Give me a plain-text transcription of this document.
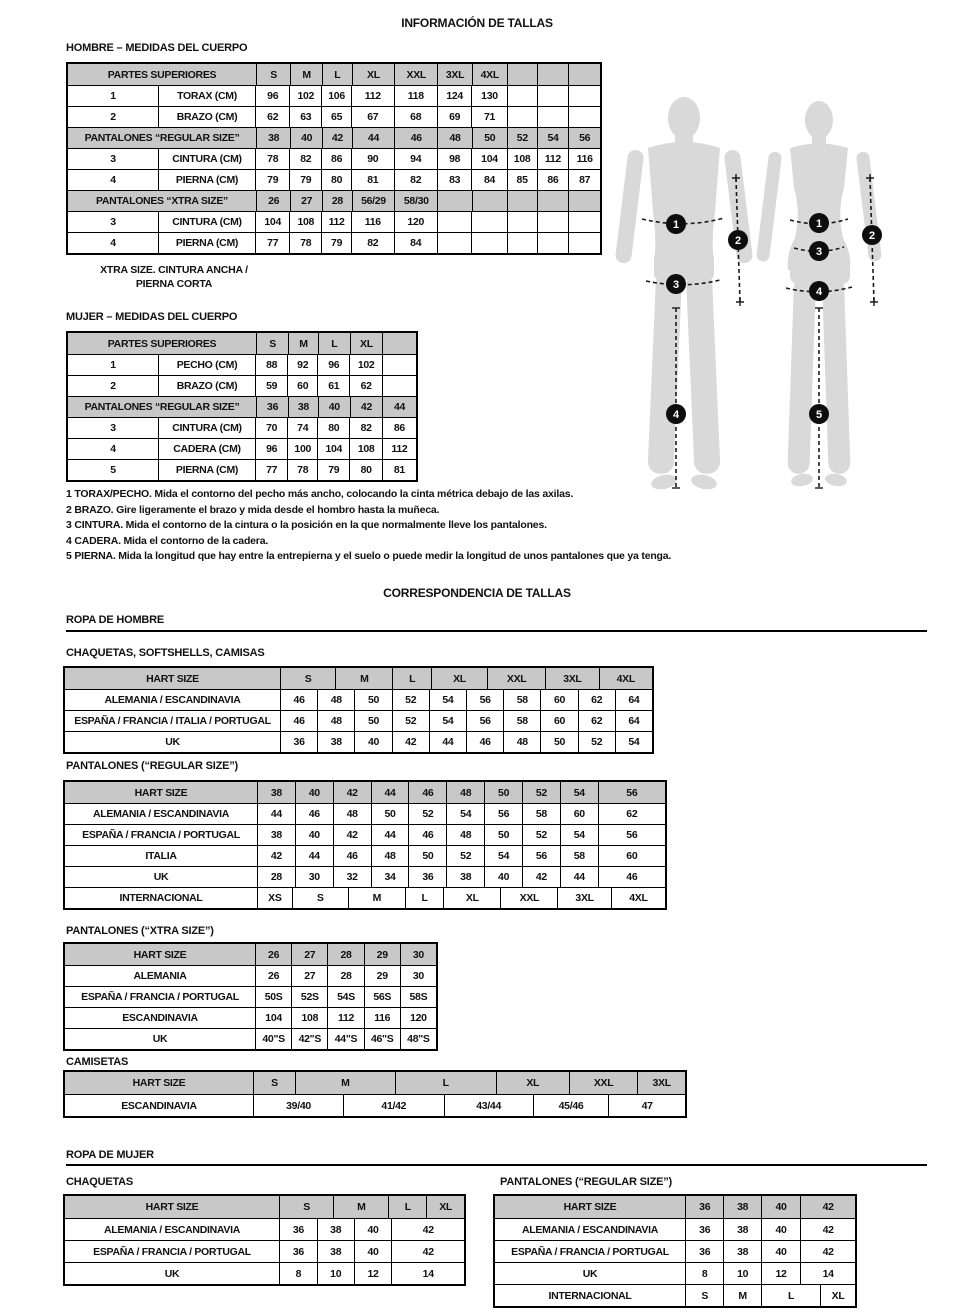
INFORMACIÓN DE TALLAS
HOMBRE – MEDIDAS DEL CUERPO
PARTES SUPERIORES	S	M	L	XL	XXL	3XL	4XL
1	TORAX (CM)	96	102	106	112	118	124	130
2	BRAZO (CM)	62	63	65	67	68	69	71
PANTALONES “REGULAR SIZE”	38	40	42	44	46	48	50	52	54	56
3	CINTURA (CM)	78	82	86	90	94	98	104	108	112	116
4	PIERNA (CM)	79	79	80	81	82	83	84	85	86	87
PANTALONES “XTRA SIZE”	26	27	28	56/29	58/30
3	CINTURA (CM)	104	108	112	116	120
4	PIERNA (CM)	77	78	79	82	84
1
2
3
4
1
2
3
4
5
XTRA SIZE. CINTURA ANCHA /
PIERNA CORTA
MUJER – MEDIDAS DEL CUERPO
PARTES SUPERIORES	S	M	L	XL
1	PECHO (CM)	88	92	96	102
2	BRAZO (CM)	59	60	61	62
PANTALONES “REGULAR SIZE”	36	38	40	42	44
3	CINTURA (CM)	70	74	80	82	86
4	CADERA (CM)	96	100	104	108	112
5	PIERNA (CM)	77	78	79	80	81
1 TORAX/PECHO. Mida el contorno del pecho más ancho, colocando la cinta métrica debajo de las axilas.
2 BRAZO. Gire ligeramente el brazo y mida desde el hombro hasta la muñeca.
3 CINTURA. Mida el contorno de la cintura o la posición en la que normalmente lleve los pantalones.
4 CADERA. Mida el contorno de la cadera.
5 PIERNA. Mida la longitud que hay entre la entrepierna y el suelo o puede medir la longitud de unos pantalones que ya tenga.
CORRESPONDENCIA DE TALLAS
ROPA DE HOMBRE
CHAQUETAS, SOFTSHELLS, CAMISAS
HART SIZE	S	M	L	XL	XXL	3XL	4XL
ALEMANIA / ESCANDINAVIA	46	48	50	52	54	56	58	60	62	64
ESPAÑA / FRANCIA / ITALIA / PORTUGAL	46	48	50	52	54	56	58	60	62	64
UK	36	38	40	42	44	46	48	50	52	54
PANTALONES (“REGULAR SIZE”)
HART SIZE	38	40	42	44	46	48	50	52	54	56
ALEMANIA / ESCANDINAVIA	44	46	48	50	52	54	56	58	60	62
ESPAÑA / FRANCIA / PORTUGAL	38	40	42	44	46	48	50	52	54	56
ITALIA	42	44	46	48	50	52	54	56	58	60
UK	28	30	32	34	36	38	40	42	44	46
INTERNACIONAL	XS	S	M	L	XL	XXL	3XL	4XL
PANTALONES (“XTRA SIZE”)
HART SIZE	26	27	28	29	30
ALEMANIA	26	27	28	29	30
ESPAÑA / FRANCIA / PORTUGAL	50S	52S	54S	56S	58S
ESCANDINAVIA	104	108	112	116	120
UK	40"S	42"S	44"S	46"S	48"S
CAMISETAS
HART SIZE	S	M	L	XL	XXL	3XL
ESCANDINAVIA	39/40	41/42	43/44	45/46	47
ROPA DE MUJER
CHAQUETAS
HART SIZE	S	M	L	XL
ALEMANIA / ESCANDINAVIA	36	38	40	42
ESPAÑA / FRANCIA / PORTUGAL	36	38	40	42
UK	8	10	12	14
PANTALONES (“REGULAR SIZE”)
HART SIZE	36	38	40	42
ALEMANIA / ESCANDINAVIA	36	38	40	42
ESPAÑA / FRANCIA / PORTUGAL	36	38	40	42
UK	8	10	12	14
INTERNACIONAL	S	M	L	XL
